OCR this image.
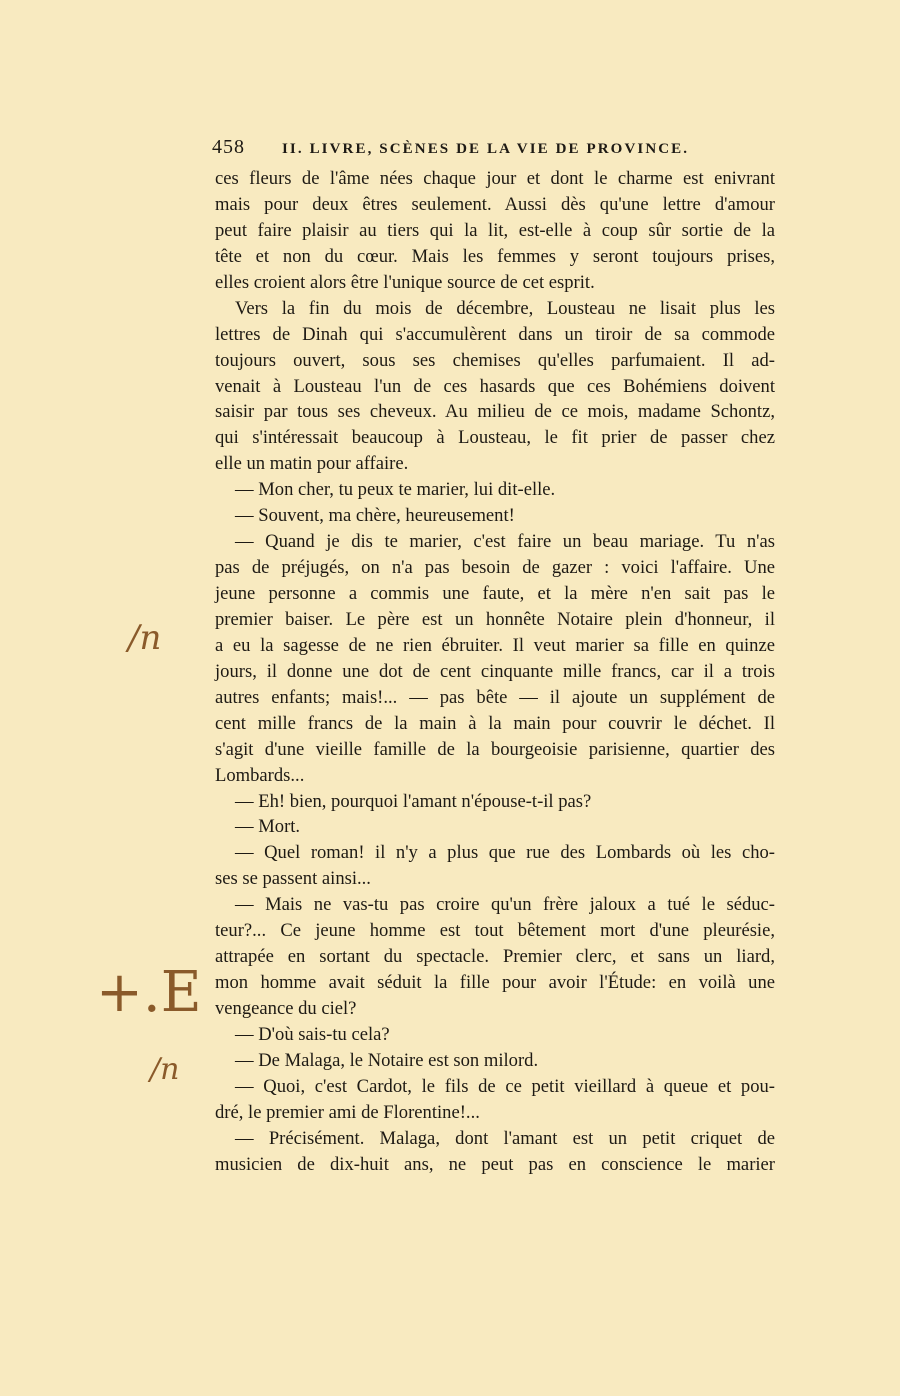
458	II. LIVRE, SCÈNES DE LA VIE DE PROVINCE.
ces fleurs de l'âme nées chaque jour et dont le charme est enivrant
mais pour deux êtres seulement. Aussi dès qu'une lettre d'amour
peut faire plaisir au tiers qui la lit, est-elle à coup sûr sortie de la
tête et non du cœur. Mais les femmes y seront toujours prises,
elles croient alors être l'unique source de cet esprit.
Vers la fin du mois de décembre, Lousteau ne lisait plus les
lettres de Dinah qui s'accumulèrent dans un tiroir de sa commode
toujours ouvert, sous ses chemises qu'elles parfumaient. Il ad-
venait à Lousteau l'un de ces hasards que ces Bohémiens doivent
saisir par tous ses cheveux. Au milieu de ce mois, madame Schontz,
qui s'intéressait beaucoup à Lousteau, le fit prier de passer chez
elle un matin pour affaire.
— Mon cher, tu peux te marier, lui dit-elle.
— Souvent, ma chère, heureusement!
— Quand je dis te marier, c'est faire un beau mariage. Tu n'as
pas de préjugés, on n'a pas besoin de gazer : voici l'affaire. Une
jeune personne a commis une faute, et la mère n'en sait pas le
premier baiser. Le père est un honnête Notaire plein d'honneur, il
a eu la sagesse de ne rien ébruiter. Il veut marier sa fille en quinze
jours, il donne une dot de cent cinquante mille francs, car il a trois
autres enfants; mais!... — pas bête — il ajoute un supplément de
cent mille francs de la main à la main pour couvrir le déchet. Il
s'agit d'une vieille famille de la bourgeoisie parisienne, quartier des
Lombards...
— Eh! bien, pourquoi l'amant n'épouse-t-il pas?
— Mort.
— Quel roman! il n'y a plus que rue des Lombards où les cho-
ses se passent ainsi...
— Mais ne vas-tu pas croire qu'un frère jaloux a tué le séduc-
teur?... Ce jeune homme est tout bêtement mort d'une pleurésie,
attrapée en sortant du spectacle. Premier clerc, et sans un liard,
mon homme avait séduit la fille pour avoir l'Étude: en voilà une
vengeance du ciel?
— D'où sais-tu cela?
— De Malaga, le Notaire est son milord.
— Quoi, c'est Cardot, le fils de ce petit vieillard à queue et pou-
dré, le premier ami de Florentine!...
— Précisément. Malaga, dont l'amant est un petit criquet de
musicien de dix-huit ans, ne peut pas en conscience le marier
/n
+.E
/n
